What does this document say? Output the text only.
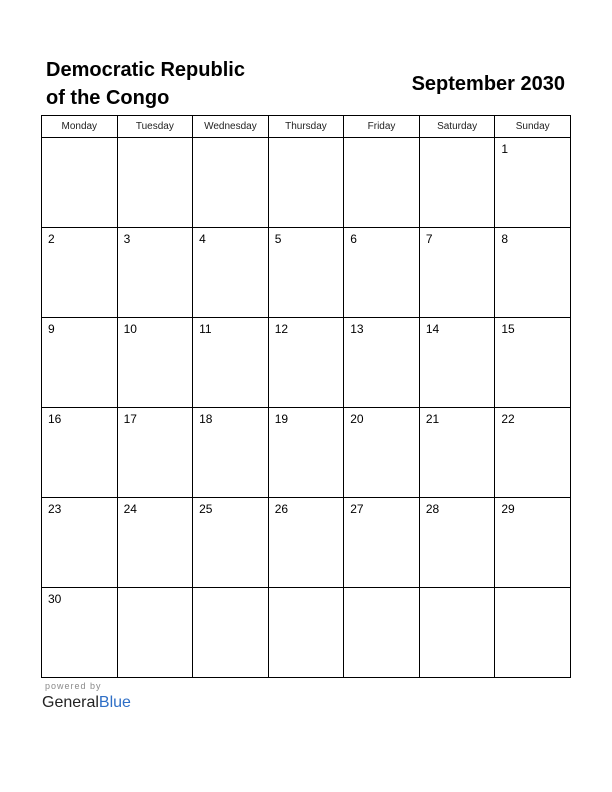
Democratic Republic
of the Congo
September 2030
Monday	Tuesday	Wednesday	Thursday	Friday	Saturday	Sunday

						1

2	3	4	5	6	7	8

9	10	11	12	13	14	15

16	17	18	19	20	21	22

23	24	25	26	27	28	29

30						

powered by
GeneralBlue
